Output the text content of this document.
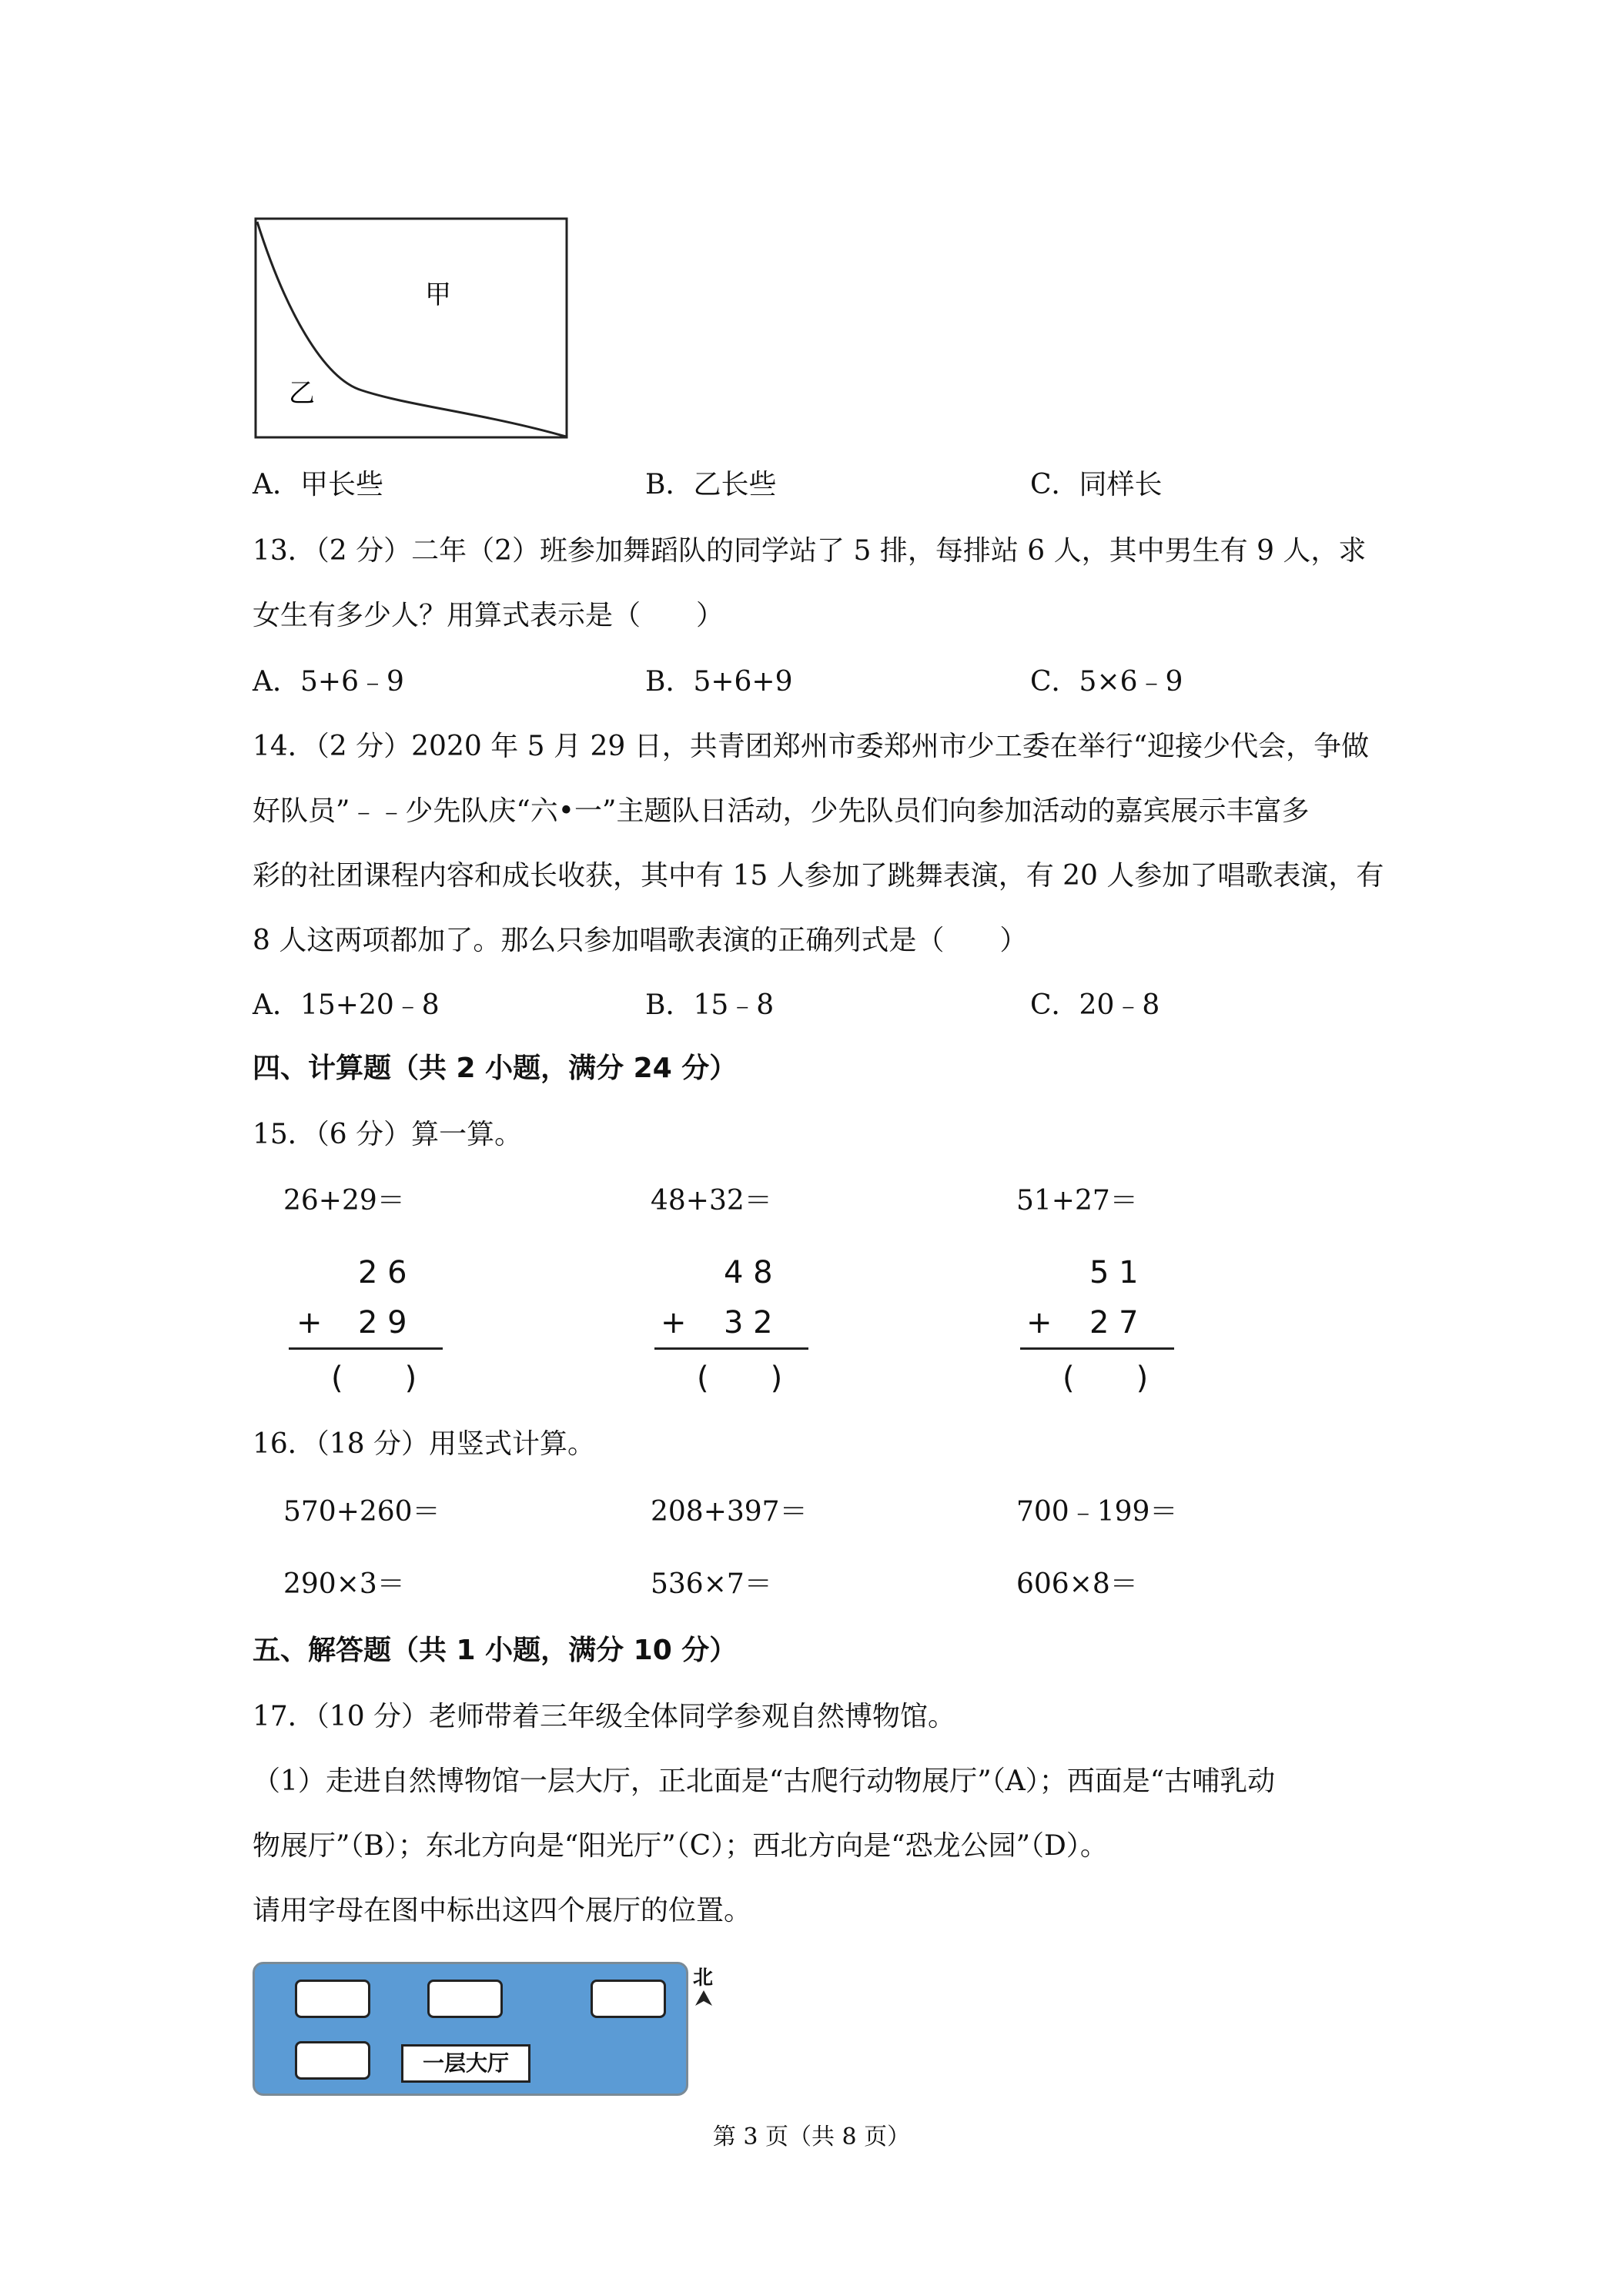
甲
乙
A．甲长些	B．乙长些	C．同样长
13．（2 分）二年（2）班参加舞蹈队的同学站了 5 排，每排站 6 人，其中男生有 9 人，求
女生有多少人？用算式表示是（　　）
A．5+6﹣9	B．5+6+9	C．5×6﹣9
14．（2 分）2020 年 5 月 29 日，共青团郑州市委郑州市少工委在举行“迎接少代会，争做
好队员”﹣﹣少先队庆“六•一”主题队日活动，少先队员们向参加活动的嘉宾展示丰富多
彩的社团课程内容和成长收获，其中有 15 人参加了跳舞表演，有 20 人参加了唱歌表演，有
8 人这两项都加了。那么只参加唱歌表演的正确列式是（　　）
A．15+20﹣8	B．15﹣8	C．20﹣8
四、计算题（共 2 小题，满分 24 分）
15．（6 分）算一算。
26+29＝	48+32＝	51+27＝
2 6
+ 2 9
(　　)
4 8
+ 3 2
(　　)
5 1
+ 2 7
(　　)
16．（18 分）用竖式计算。
570+260＝	208+397＝	700﹣199＝
290×3＝	536×7＝	606×8＝
五、解答题（共 1 小题，满分 10 分）
17．（10 分）老师带着三年级全体同学参观自然博物馆。
（1）走进自然博物馆一层大厅，正北面是“古爬行动物展厅”（A）；西面是“古哺乳动
物展厅”（B）；东北方向是“阳光厅”（C）；西北方向是“恐龙公园”（D）。
请用字母在图中标出这四个展厅的位置。
一层大厅
北
第 3 页（共 8 页）
